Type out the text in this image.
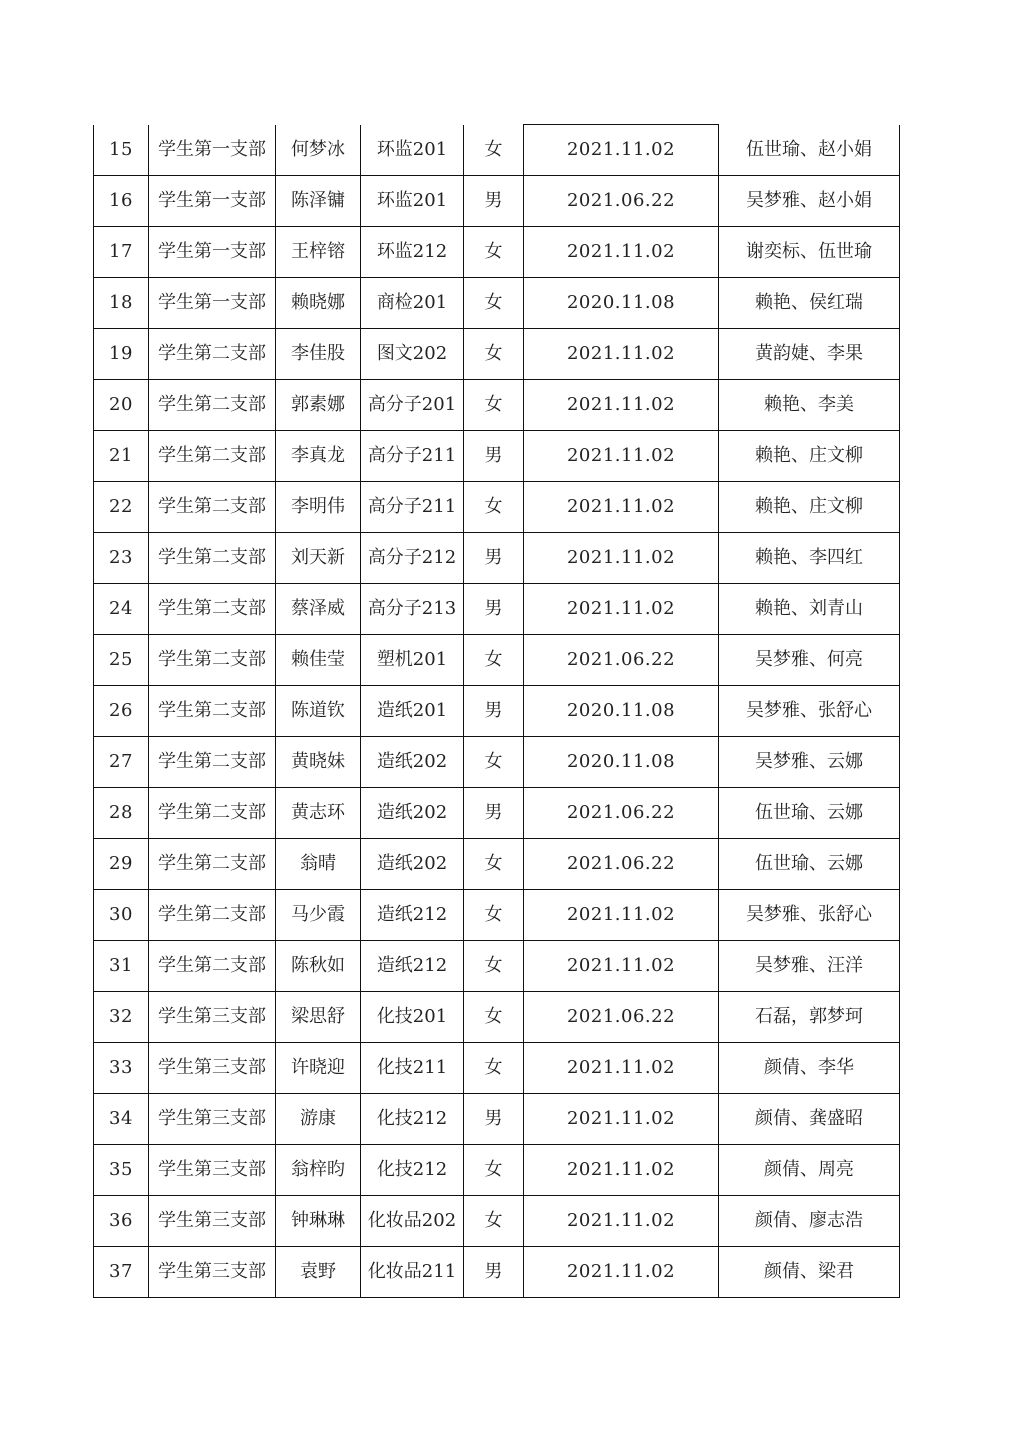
15	学生第一支部	何梦冰	环监201	女	2021.11.02	伍世瑜、赵小娟
16	学生第一支部	陈泽镛	环监201	男	2021.06.22	吴梦雅、赵小娟
17	学生第一支部	王梓镕	环监212	女	2021.11.02	谢奕标、伍世瑜
18	学生第一支部	赖晓娜	商检201	女	2020.11.08	赖艳、侯红瑞
19	学生第二支部	李佳股	图文202	女	2021.11.02	黄韵婕、李果
20	学生第二支部	郭素娜	高分子201	女	2021.11.02	赖艳、李美
21	学生第二支部	李真龙	高分子211	男	2021.11.02	赖艳、庄文柳
22	学生第二支部	李明伟	高分子211	女	2021.11.02	赖艳、庄文柳
23	学生第二支部	刘天新	高分子212	男	2021.11.02	赖艳、李四红
24	学生第二支部	蔡泽威	高分子213	男	2021.11.02	赖艳、刘青山
25	学生第二支部	赖佳莹	塑机201	女	2021.06.22	吴梦雅、何亮
26	学生第二支部	陈道钦	造纸201	男	2020.11.08	吴梦雅、张舒心
27	学生第二支部	黄晓妹	造纸202	女	2020.11.08	吴梦雅、云娜
28	学生第二支部	黄志环	造纸202	男	2021.06.22	伍世瑜、云娜
29	学生第二支部	翁晴	造纸202	女	2021.06.22	伍世瑜、云娜
30	学生第二支部	马少霞	造纸212	女	2021.11.02	吴梦雅、张舒心
31	学生第二支部	陈秋如	造纸212	女	2021.11.02	吴梦雅、汪洋
32	学生第三支部	梁思舒	化技201	女	2021.06.22	石磊，郭梦珂
33	学生第三支部	许晓迎	化技211	女	2021.11.02	颜倩、李华
34	学生第三支部	游康	化技212	男	2021.11.02	颜倩、龚盛昭
35	学生第三支部	翁梓昀	化技212	女	2021.11.02	颜倩、周亮
36	学生第三支部	钟琳琳	化妆品202	女	2021.11.02	颜倩、廖志浩
37	学生第三支部	袁野	化妆品211	男	2021.11.02	颜倩、梁君
